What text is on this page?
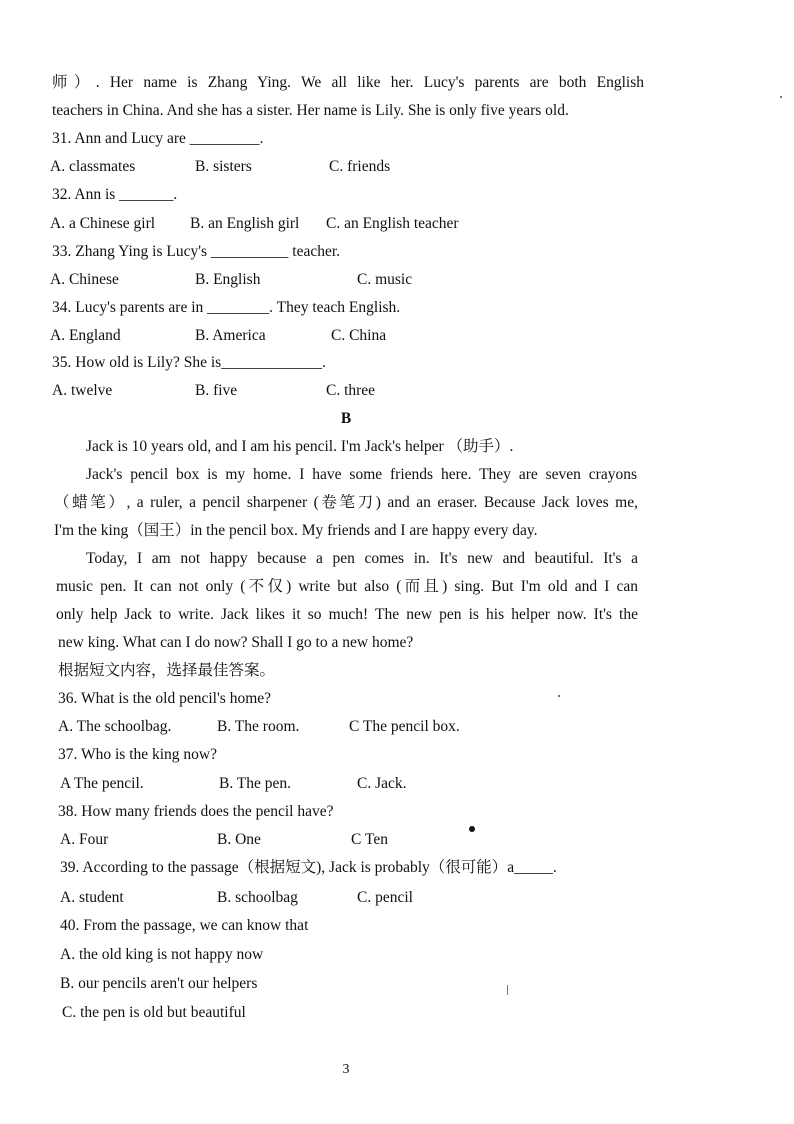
师）. Her name is Zhang Ying. We all like her. Lucy's parents are both English
teachers in China. And she has a sister. Her name is Lily. She is only five years old.
31. Ann and Lucy are _________.
A. classmates	B. sisters	C. friends
32. Ann is _______.
A. a Chinese girl B. an English girl C. an English teacher
33. Zhang Ying is Lucy's __________ teacher.
A. Chinese	B. English	C. music
34. Lucy's parents are in ________. They teach English.
A. England	B. America	C. China
35. How old is Lily? She is_____________.
A. twelve	B. five	C. three
B
Jack is 10 years old, and I am his pencil. I'm Jack's helper （助手）.
Jack's pencil box is my home. I have some friends here. They are seven crayons
（蜡笔）, a ruler, a pencil sharpener (卷笔刀) and an eraser. Because Jack loves me,
I'm the king（国王）in the pencil box. My friends and I are happy every day.
Today, I am not happy because a pen comes in. It's new and beautiful. It's a
music pen. It can not only (不仅) write but also (而且) sing. But I'm old and I can
only help Jack to write. Jack likes it so much! The new pen is his helper now. It's the
new king. What can I do now? Shall I go to a new home?
根据短文内容，选择最佳答案。
36. What is the old pencil's home?
A. The schoolbag.	B. The room.	C The pencil box.
37. Who is the king now?
A The pencil.	B. The pen.	C. Jack.
38. How many friends does the pencil have?
A. Four	B. One	C Ten
39. According to the passage（根据短文), Jack is probably（很可能）a_____.
A. student	B. schoolbag	C. pencil
40. From the passage, we can know that
A. the old king is not happy now
B. our pencils aren't our helpers
C. the pen is old but beautiful
3
